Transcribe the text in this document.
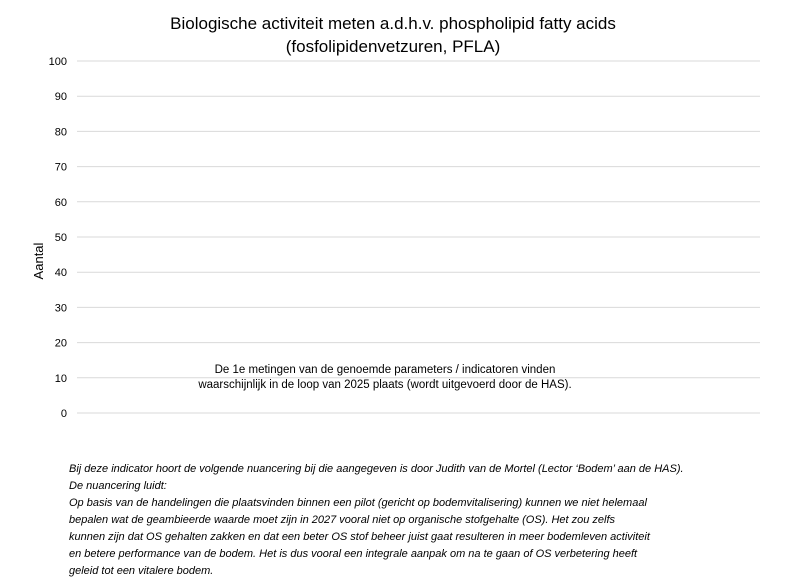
Biologische activiteit meten a.d.h.v. phospholipid fatty acids
(fosfolipidenvetzuren, PFLA)
0
10
20
30
40
50
60
70
80
90
100
Aantal
De 1e metingen van de genoemde parameters / indicatoren vinden
waarschijnlijk in de loop van 2025 plaats (wordt uitgevoerd door de HAS).
Bij deze indicator hoort de volgende nuancering bij die aangegeven is door Judith van de Mortel (Lector ‘Bodem’ aan de HAS).
De nuancering luidt:
Op basis van de handelingen die plaatsvinden binnen een pilot (gericht op bodemvitalisering) kunnen we niet helemaal
bepalen wat de geambieerde waarde moet zijn in 2027 vooral niet op organische stofgehalte (OS). Het zou zelfs
kunnen zijn dat OS gehalten zakken en dat een beter OS stof beheer juist gaat resulteren in meer bodemleven activiteit
en betere performance van de bodem. Het is dus vooral een integrale aanpak om na te gaan of OS verbetering heeft
geleid tot een vitalere bodem.
